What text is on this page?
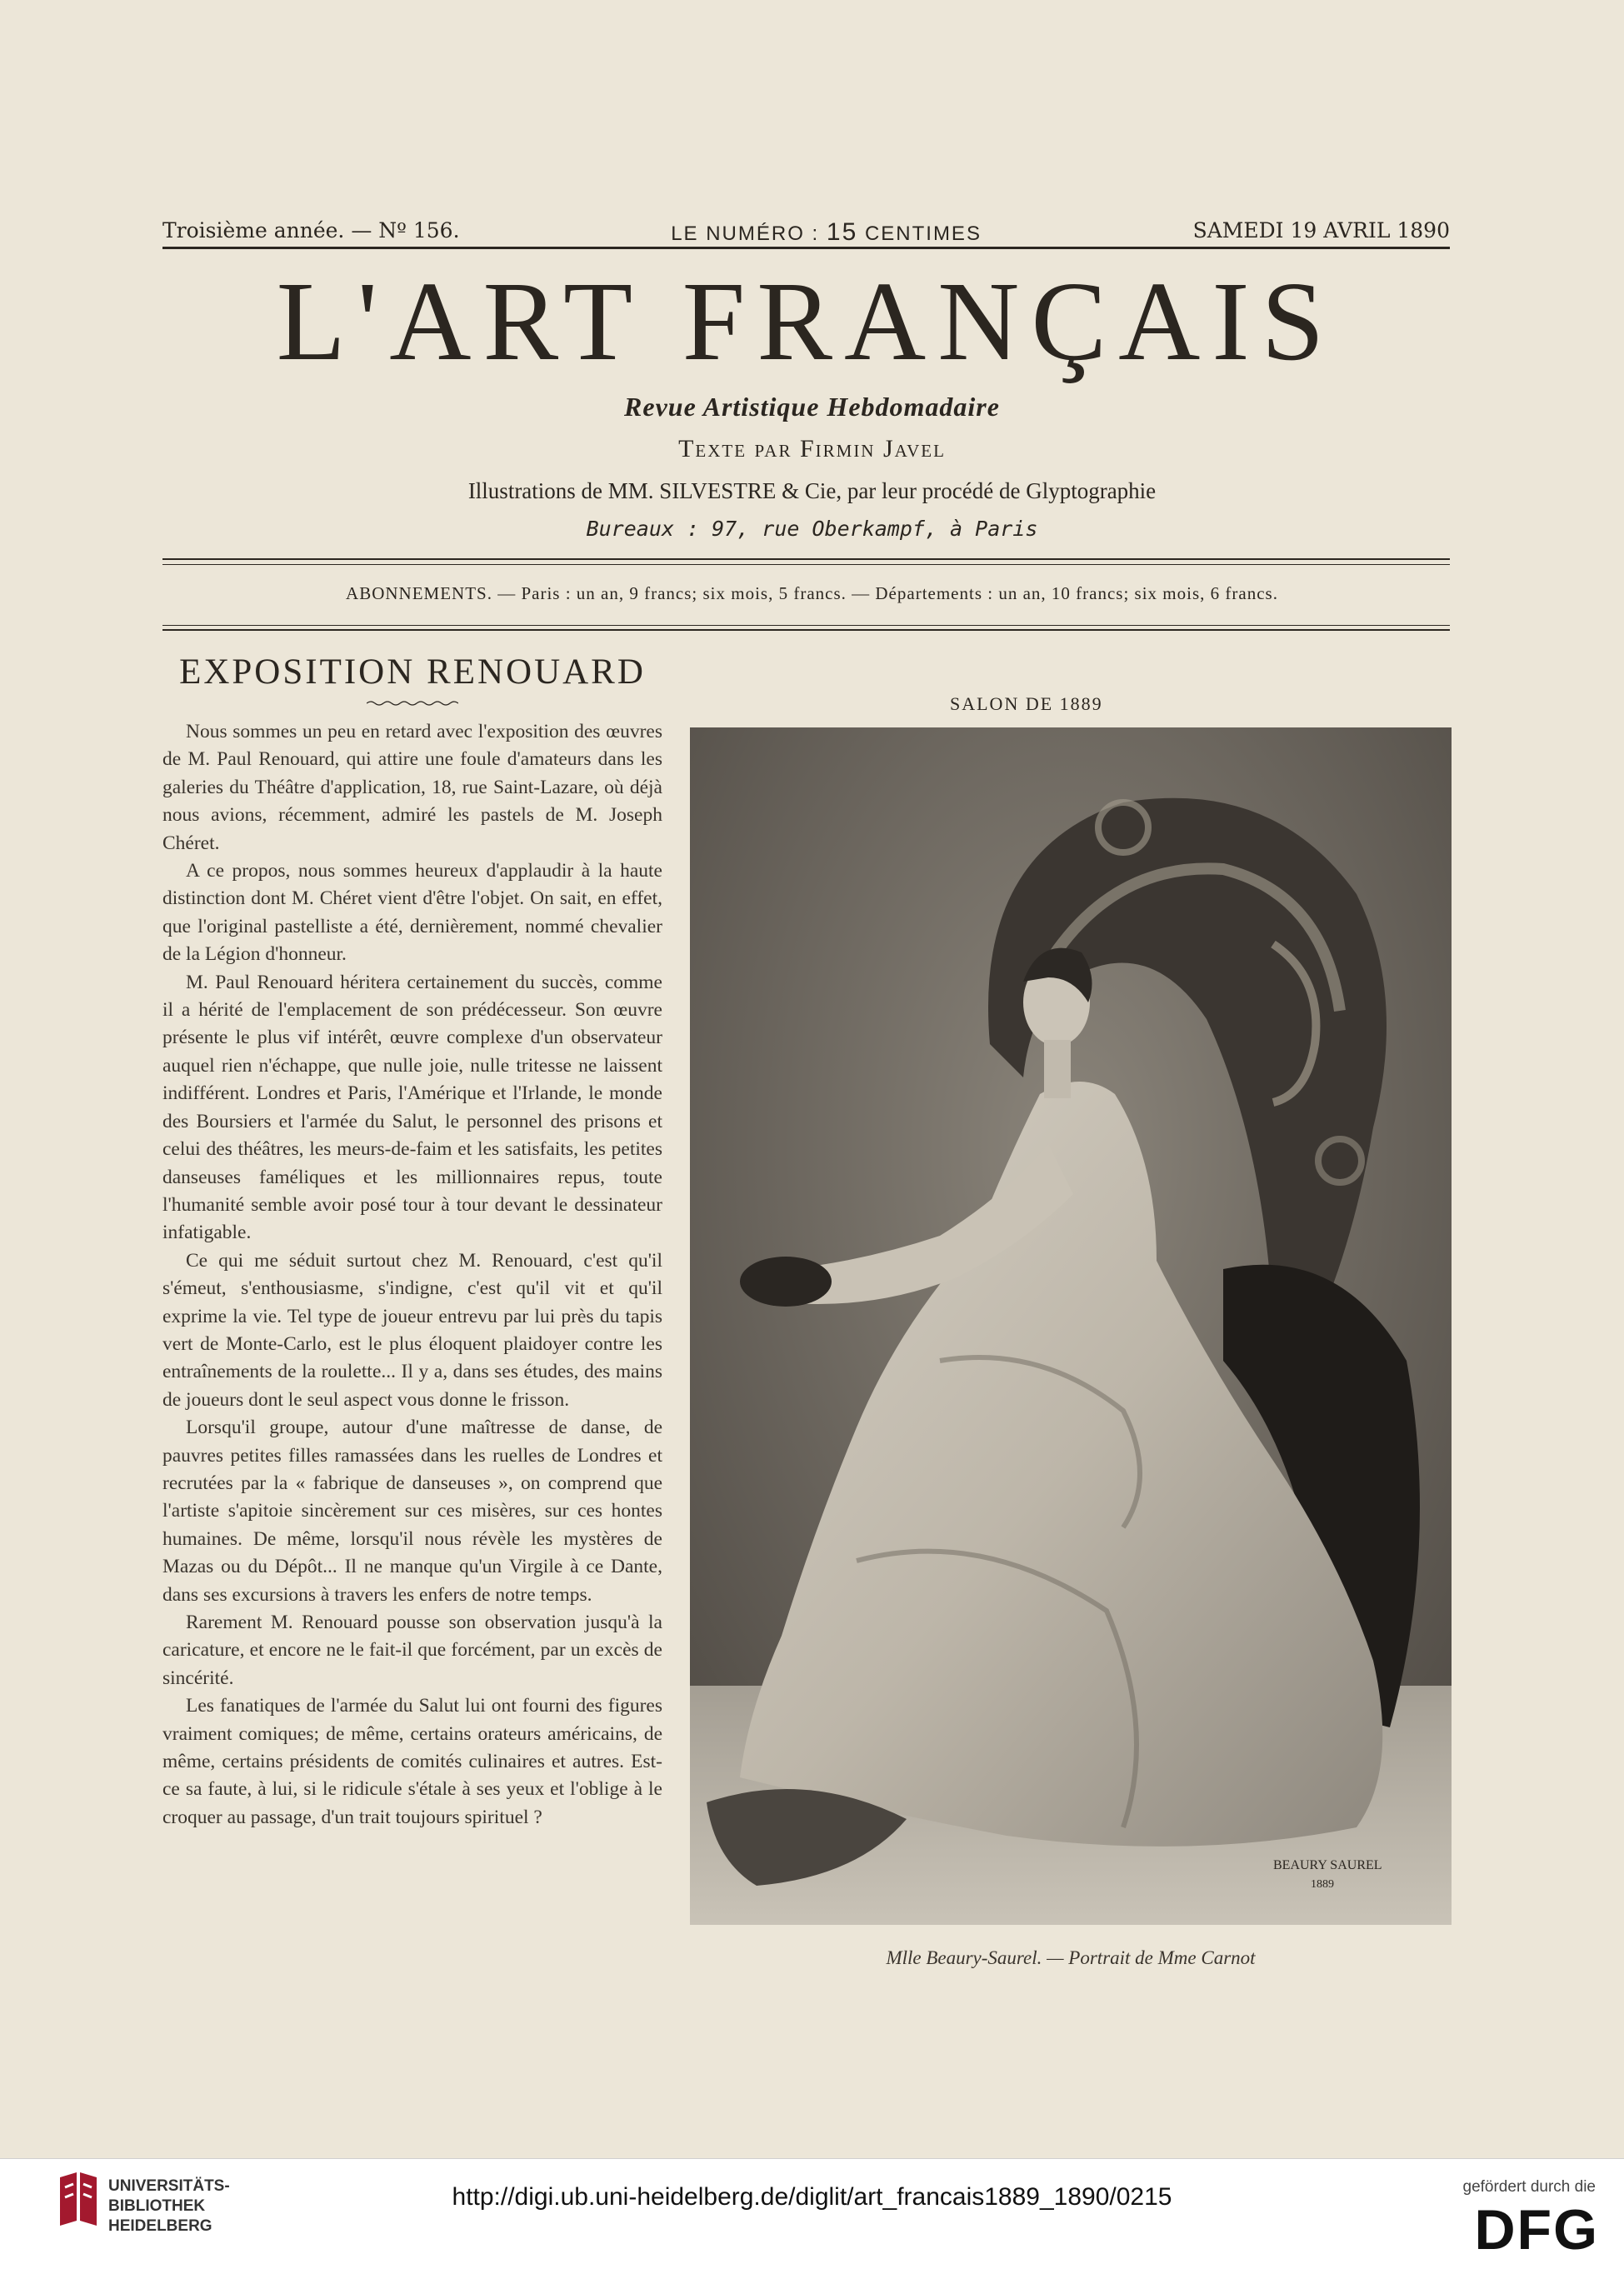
Troisième année. — Nº 156.	LE NUMÉRO : 15 CENTIMES	SAMEDI 19 AVRIL 1890
L'ART FRANÇAIS
Revue Artistique Hebdomadaire
Texte par Firmin Javel
Illustrations de MM. SILVESTRE & Cie, par leur procédé de Glyptographie
Bureaux : 97, rue Oberkampf, à Paris
ABONNEMENTS. — Paris : un an, 9 francs; six mois, 5 francs. — Départements : un an, 10 francs; six mois, 6 francs.
EXPOSITION RENOUARD

Nous sommes un peu en retard avec l'exposition des œuvres de M. Paul Renouard, qui attire une foule d'amateurs dans les galeries du Théâtre d'application, 18, rue Saint-Lazare, où déjà nous avions, récemment, admiré les pastels de M. Joseph Chéret.

A ce propos, nous sommes heureux d'applaudir à la haute distinction dont M. Chéret vient d'être l'objet. On sait, en effet, que l'original pastelliste a été, dernièrement, nommé chevalier de la Légion d'honneur.

M. Paul Renouard héritera certainement du succès, comme il a hérité de l'emplacement de son prédécesseur. Son œuvre présente le plus vif intérêt, œuvre complexe d'un observateur auquel rien n'échappe, que nulle joie, nulle tritesse ne laissent indifférent. Londres et Paris, l'Amérique et l'Irlande, le monde des Boursiers et l'armée du Salut, le personnel des prisons et celui des théâtres, les meurs-de-faim et les satisfaits, les petites danseuses faméliques et les millionnaires repus, toute l'humanité semble avoir posé tour à tour devant le dessinateur infatigable.

Ce qui me séduit surtout chez M. Renouard, c'est qu'il s'émeut, s'enthousiasme, s'indigne, c'est qu'il vit et qu'il exprime la vie. Tel type de joueur entrevu par lui près du tapis vert de Monte-Carlo, est le plus éloquent plaidoyer contre les entraînements de la roulette... Il y a, dans ses études, des mains de joueurs dont le seul aspect vous donne le frisson.

Lorsqu'il groupe, autour d'une maîtresse de danse, de pauvres petites filles ramassées dans les ruelles de Londres et recrutées par la « fabrique de danseuses », on comprend que l'artiste s'apitoie sincèrement sur ces misères, sur ces hontes humaines. De même, lorsqu'il nous révèle les mystères de Mazas ou du Dépôt... Il ne manque qu'un Virgile à ce Dante, dans ses excursions à travers les enfers de notre temps.

Rarement M. Renouard pousse son observation jusqu'à la caricature, et encore ne le fait-il que forcément, par un excès de sincérité.

Les fanatiques de l'armée du Salut lui ont fourni des figures vraiment comiques; de même, certains orateurs américains, de même, certains présidents de comités culinaires et autres. Est-ce sa faute, à lui, si le ridicule s'étale à ses yeux et l'oblige à le croquer au passage, d'un trait toujours spirituel ?

SALON DE 1889
BEAURY SAUREL
1889
Mlle Beaury-Saurel. — Portrait de Mme Carnot
UNIVERSITÄTS-
BIBLIOTHEK
HEIDELBERG
http://digi.ub.uni-heidelberg.de/diglit/art_francais1889_1890/0215	gefördert durch die
DFG
